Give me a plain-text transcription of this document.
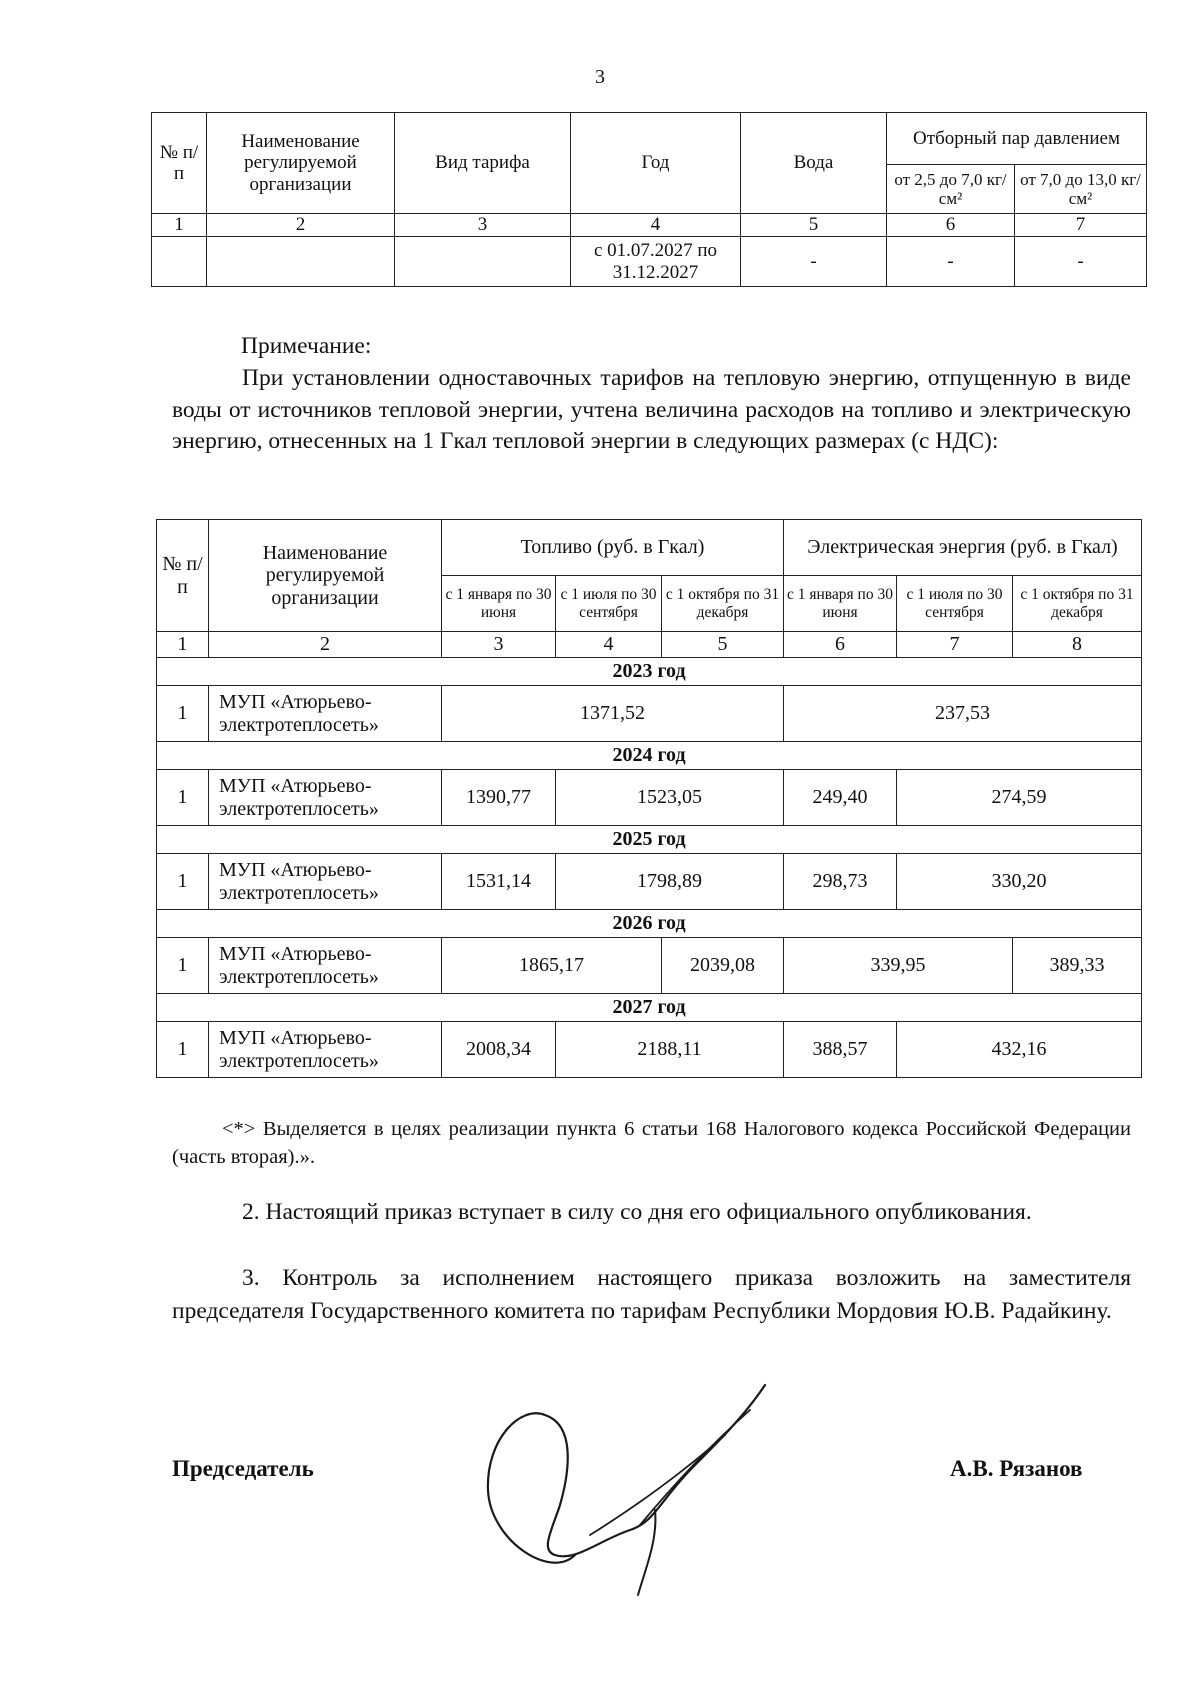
3
№ п/п	Наименование регулируемой организации	Вид тарифа	Год	Вода	Отборный пар давлением	
					от 2,5 до 7,0 кг/см²	от 7,0 до 13,0 кг/см²
1	2	3	4	5	6	7
			с 01.07.2027 по 31.12.2027	-	-	-
Примечание:
При установлении одноставочных тарифов на тепловую энергию, отпущенную в виде воды от источников тепловой энергии, учтена величина расходов на топливо и электрическую энергию, отнесенных на 1 Гкал тепловой энергии в следующих размерах (с НДС):
№ п/п	Наименование регулируемой организации	Топливо (руб. в Гкал)			Электрическая энергия (руб. в Гкал)		
		с 1 января по 30 июня	с 1 июля по 30 сентября	с 1 октября по 31 декабря	с 1 января по 30 июня	с 1 июля по 30 сентября	с 1 октября по 31 декабря
1	2	3	4	5	6	7	8
2023 год							
1	МУП «Атюрьево-электротеплосеть»	1371,52			237,53		
2024 год							
1	МУП «Атюрьево-электротеплосеть»	1390,77	1523,05		249,40	274,59	
2025 год							
1	МУП «Атюрьево-электротеплосеть»	1531,14	1798,89		298,73	330,20	
2026 год							
1	МУП «Атюрьево-электротеплосеть»	1865,17		2039,08	339,95		389,33
2027 год							
1	МУП «Атюрьево-электротеплосеть»	2008,34	2188,11		388,57	432,16	
<*> Выделяется в целях реализации пункта 6 статьи 168 Налогового кодекса Российской Федерации (часть вторая).».
2. Настоящий приказ вступает в силу со дня его официального опубликования.
3. Контроль за исполнением настоящего приказа возложить на заместителя председателя Государственного комитета по тарифам Республики Мордовия Ю.В. Радайкину.
Председатель	А.В. Рязанов
